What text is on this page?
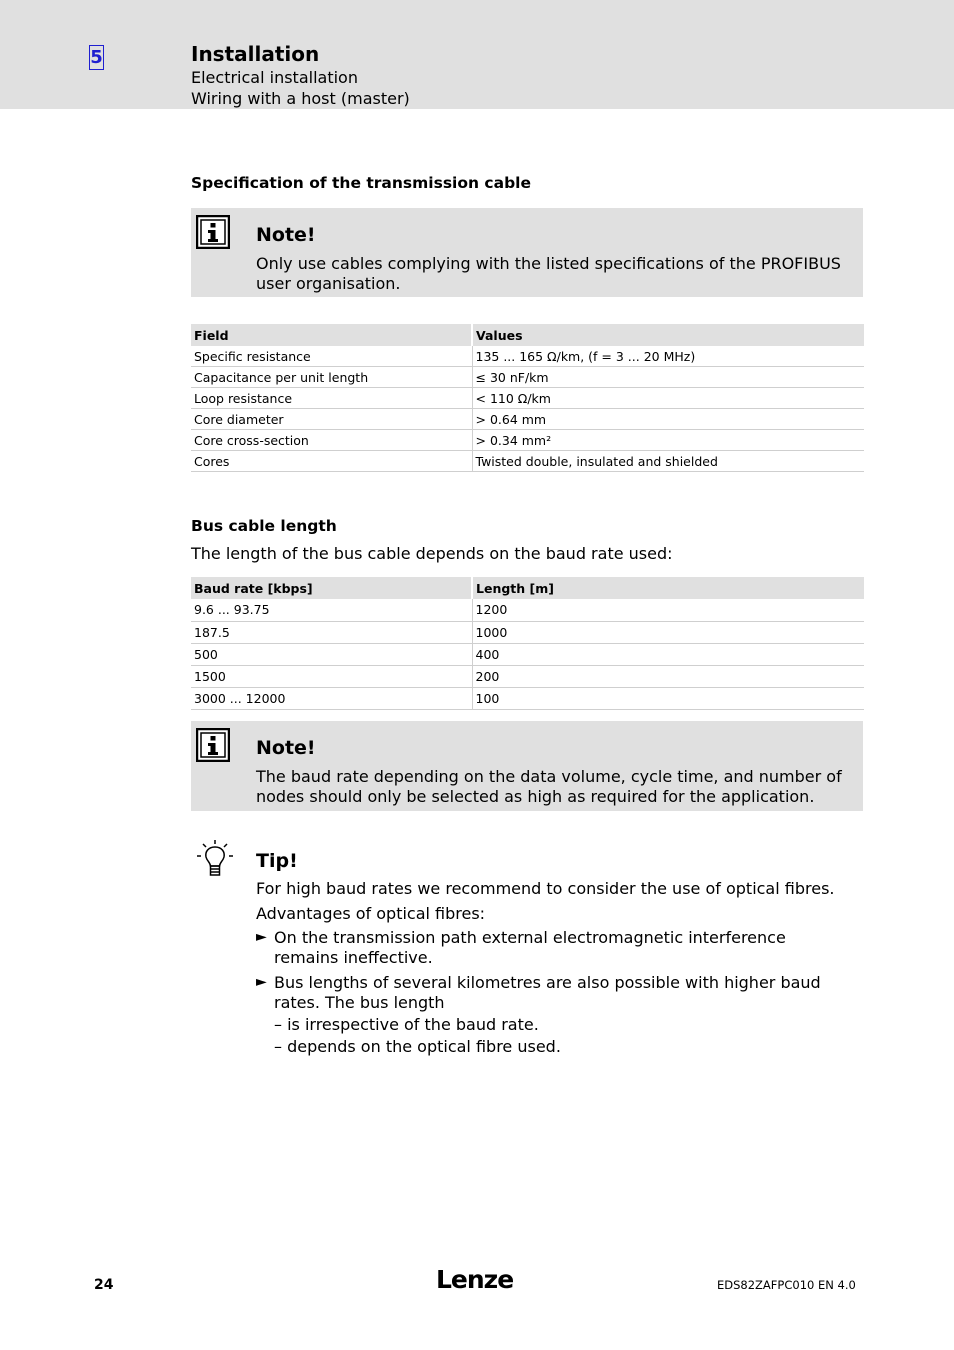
5	Installation
Electrical installation
Wiring with a host (master)
Specification of the transmission cable
Note!
Only use cables complying with the listed specifications of the PROFIBUS user organisation.
Field	Values
Specific resistance	135 ... 165 Ω/km, (f = 3 ... 20 MHz)
Capacitance per unit length	≤ 30 nF/km
Loop resistance	< 110 Ω/km
Core diameter	> 0.64 mm
Core cross-section	> 0.34 mm²
Cores	Twisted double, insulated and shielded
Bus cable length
The length of the bus cable depends on the baud rate used:
Baud rate [kbps]	Length [m]
9.6 ... 93.75	1200
187.5	1000
500	400
1500	200
3000 ... 12000	100
Note!
The baud rate depending on the data volume, cycle time, and number of nodes should only be selected as high as required for the application.
Tip!
For high baud rates we recommend to consider the use of optical fibres.
Advantages of optical fibres:
► On the transmission path external electromagnetic interference remains ineffective.
► Bus lengths of several kilometres are also possible with higher baud rates. The bus length
– is irrespective of the baud rate.
– depends on the optical fibre used.
24	Lenze	EDS82ZAFPC010 EN 4.0
